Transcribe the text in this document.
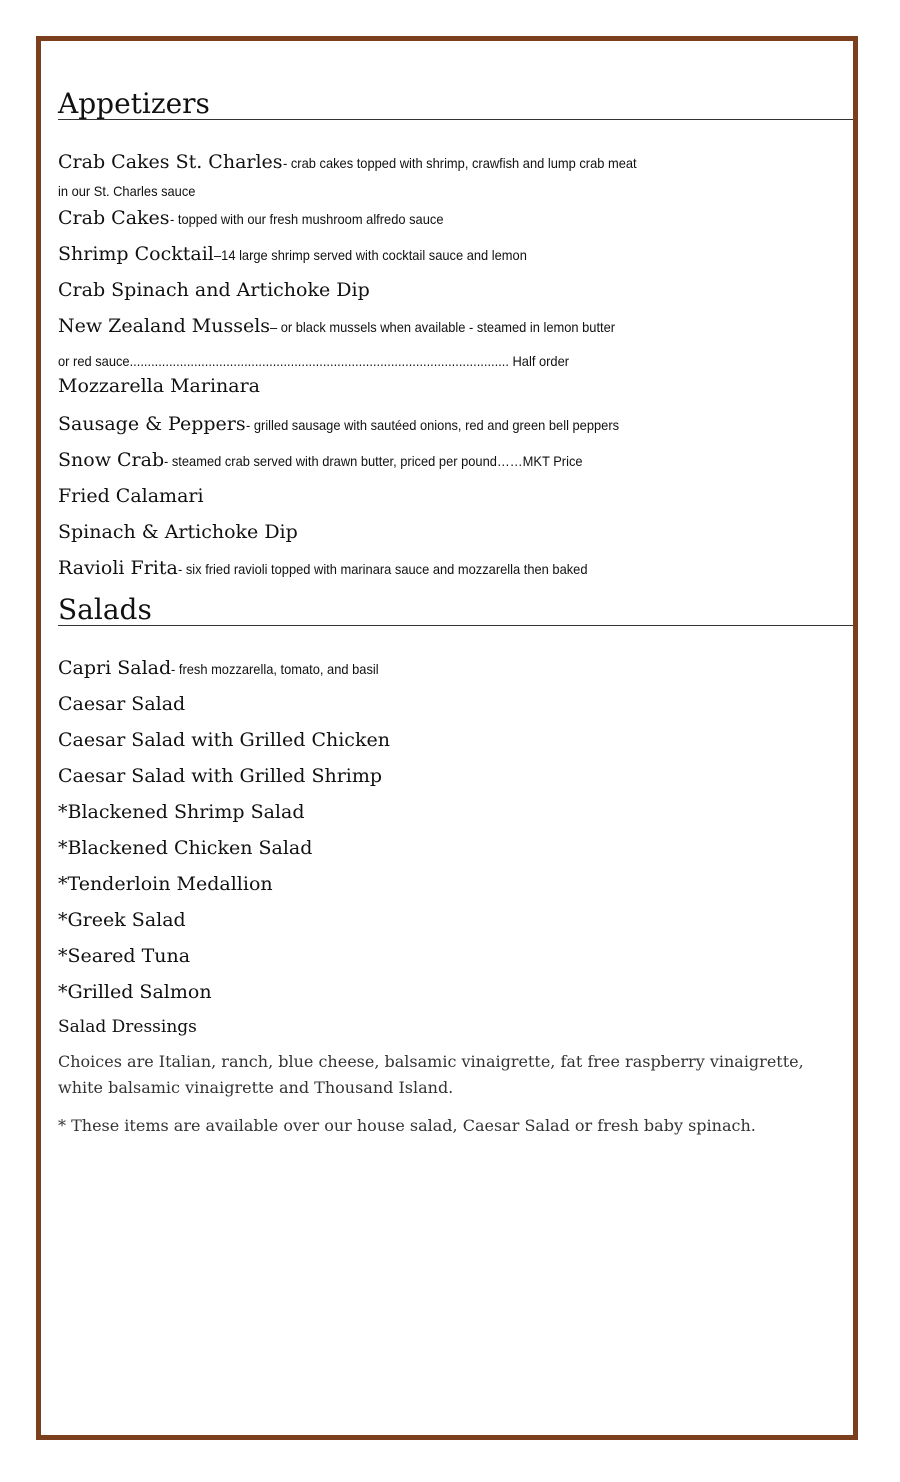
Appetizers
Crab Cakes St. Charles- crab cakes topped with shrimp, crawfish and lump crab meat
in our St. Charles sauce
Crab Cakes- topped with our fresh mushroom alfredo sauce
Shrimp Cocktail–14 large shrimp served with cocktail sauce and lemon
Crab Spinach and Artichoke Dip
New Zealand Mussels– or black mussels when available - steamed in lemon butter
or red sauce.......................................................................................................... Half order
Mozzarella Marinara
Sausage & Peppers- grilled sausage with sautéed onions, red and green bell peppers
Snow Crab- steamed crab served with drawn butter, priced per pound……MKT Price
Fried Calamari
Spinach & Artichoke Dip
Ravioli Frita- six fried ravioli topped with marinara sauce and mozzarella then baked
Salads
Capri Salad- fresh mozzarella, tomato, and basil
Caesar Salad
Caesar Salad with Grilled Chicken
Caesar Salad with Grilled Shrimp
*Blackened Shrimp Salad
*Blackened Chicken Salad
*Tenderloin Medallion
*Greek Salad
*Seared Tuna
*Grilled Salmon
Salad Dressings
Choices are Italian, ranch, blue cheese, balsamic vinaigrette, fat free raspberry vinaigrette, white balsamic vinaigrette and Thousand Island.
* These items are available over our house salad, Caesar Salad or fresh baby spinach.
